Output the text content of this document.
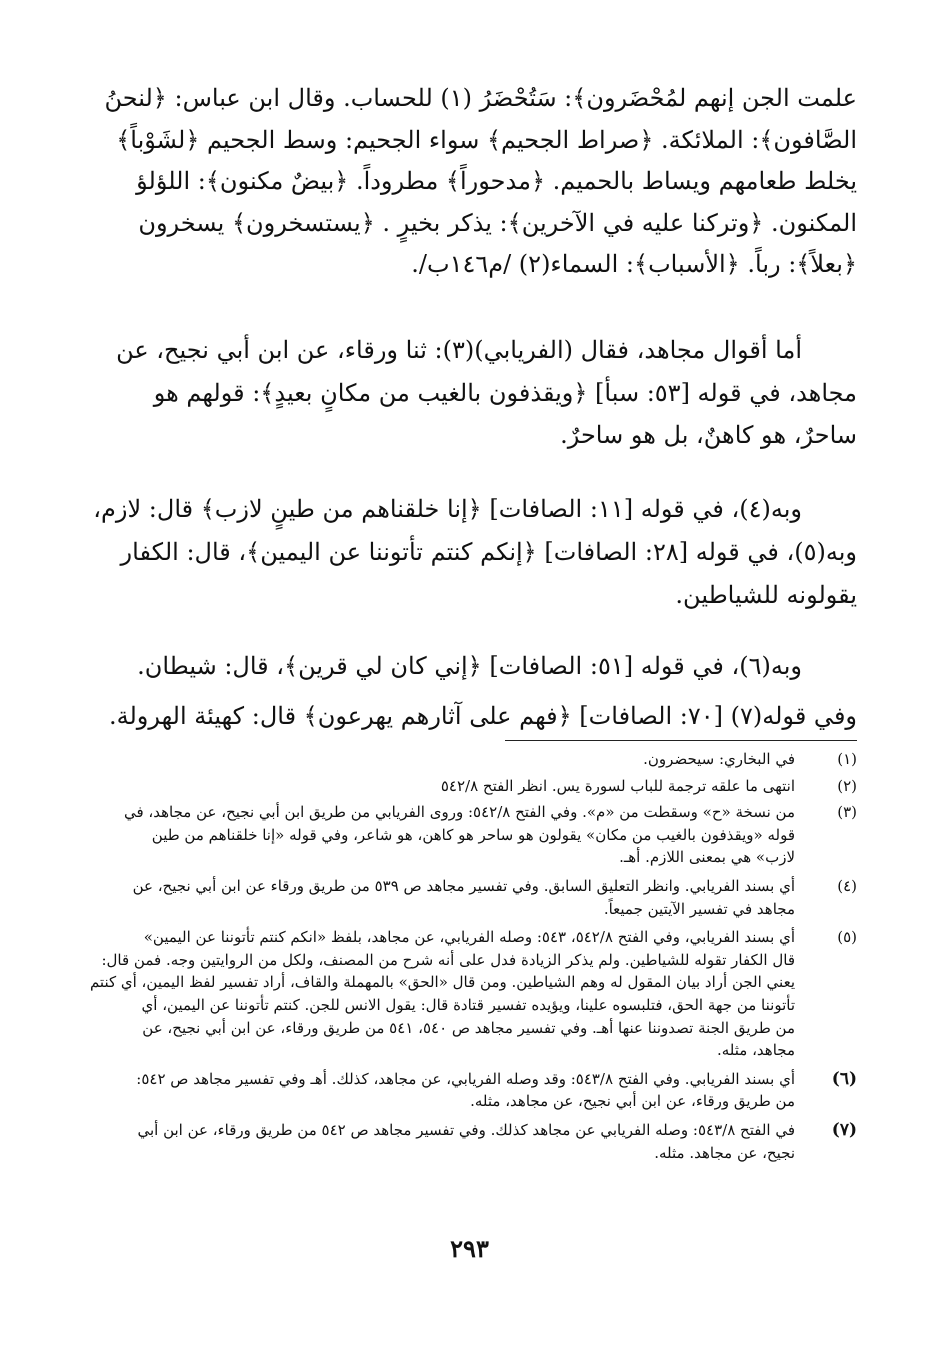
علمت الجن إنهم لمُحْضَرون﴾: سَتُحْضَرُ (١) للحساب. وقال ابن عباس: ﴿لنحنُ
الصَّافون﴾: الملائكة. ﴿صراط الجحيم﴾ سواء الجحيم: وسط الجحيم ﴿لشَوْباً﴾
يخلط طعامهم ويساط بالحميم. ﴿مدحوراً﴾ مطروداً. ﴿بيضٌ مكنون﴾: اللؤلؤ
المكنون. ﴿وتركنا عليه في الآخرين﴾: يذكر بخيرٍ . ﴿يستسخرون﴾ يسخرون
﴿بعلاً﴾: رباً. ﴿الأسباب﴾: السماء(٢) /م١٤٦ب/.
أما أقوال مجاهد، فقال (الفريابي)(٣): ثنا ورقاء، عن ابن أبي نجيح، عن
مجاهد، في قوله [٥٣: سبأ] ﴿ويقذفون بالغيب من مكانٍ بعيدٍ﴾: قولهم هو
ساحرٌ، هو كاهنٌ، بل هو ساحرٌ.
وبه(٤)، في قوله [١١: الصافات] ﴿إنا خلقناهم من طينٍ لازب﴾ قال: لازم،
وبه(٥)، في قوله [٢٨: الصافات] ﴿إنكم كنتم تأتوننا عن اليمين﴾، قال: الكفار
يقولونه للشياطين.
وبه(٦)، في قوله [٥١: الصافات] ﴿إني كان لي قرين﴾، قال: شيطان.
وفي قوله(٧) [٧٠: الصافات] ﴿فهم على آثارهم يهرعون﴾ قال: كهيئة الهرولة.
(١)
في البخاري: سيحضرون.
(٢)
انتهى ما علقه ترجمة للباب لسورة يس. انظر الفتح ٥٤٢/٨
(٣)
من نسخة «ح» وسقطت من «م». وفي الفتح ٥٤٢/٨: وروى الفريابي من طريق ابن أبي نجيح، عن مجاهد، في
قوله «ويقذفون بالغيب من مكان» يقولون هو ساحر هو كاهن، هو شاعر، وفي قوله «إنا خلقناهم من طين
لازب» هي بمعنى اللازم. أهـ.
(٤)
أي بسند الفريابي. وانظر التعليق السابق. وفي تفسير مجاهد ص ٥٣٩ من طريق ورقاء عن ابن أبي نجيح، عن
مجاهد في تفسير الآيتين جميعاً.
(٥)
أي بسند الفريابي، وفي الفتح ٥٤٢/٨، ٥٤٣: وصله الفريابي، عن مجاهد، بلفظ «انكم كنتم تأتوننا عن اليمين»
قال الكفار تقوله للشياطين. ولم يذكر الزيادة فدل على أنه شرح من المصنف، ولكل من الروايتين وجه. فمن قال:
يعني الجن أراد بيان المقول له وهم الشياطين. ومن قال «الحق» بالمهملة والقاف، أراد تفسير لفظ اليمين، أي كنتم
تأتوننا من جهة الحق، فتلبسوه علينا، ويؤيده تفسير قتادة قال: يقول الانس للجن. كنتم تأتوننا عن اليمين، أي
من طريق الجنة تصدوننا عنها أهـ. وفي تفسير مجاهد ص ٥٤٠، ٥٤١ من طريق ورقاء، عن ابن أبي نجيح، عن
مجاهد، مثله.
(٦)
أي بسند الفريابي. وفي الفتح ٥٤٣/٨: وقد وصله الفريابي، عن مجاهد، كذلك. أهـ وفي تفسير مجاهد ص ٥٤٢:
من طريق ورقاء، عن ابن أبي نجيح، عن مجاهد، مثله.
(٧)
في الفتح ٥٤٣/٨: وصله الفريابي عن مجاهد كذلك. وفي تفسير مجاهد ص ٥٤٢ من طريق ورقاء، عن ابن أبي
نجيح، عن مجاهد. مثله.
٢٩٣
